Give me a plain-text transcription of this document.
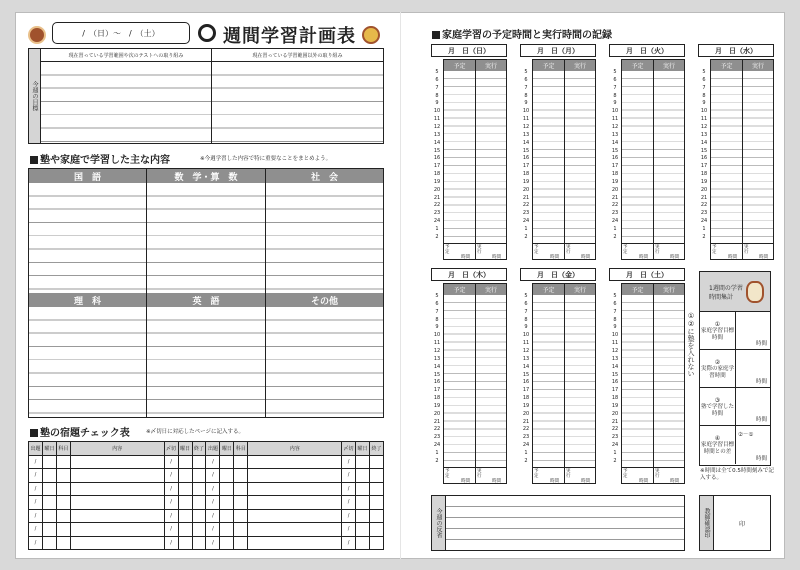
/　（日）～　/　（土）	週間学習計画表
今週の目標
現在習っている学習範囲や次のテストへの取り組み	現在習っている学習範囲以外の取り組み
塾や家庭で学習した主な内容	※今週学習した内容で特に重要なことをまとめよう。
国　語	数　学・算　数	社　会
理　科	英　語	その他
塾の宿題チェック表	※〆切日に対応したページに記入する。
出題	曜日	科目	内容	〆切	曜日	終了	出題	曜日	科目	内容	〆切	曜日	終了
/				/			/				/		
/				/			/				/		
/				/			/				/		
/				/			/				/		
/				/			/				/		
/				/			/				/		
/				/			/				/		
家庭学習の予定時間と実行時間の記録
月　日（日）
5
6
7
8
9
10
11
12
13
14
15
16
17
18
19
20
21
22
23
24
1
2
予定	実行
予定
時間
実行
時間
月　日（月）
5
6
7
8
9
10
11
12
13
14
15
16
17
18
19
20
21
22
23
24
1
2
予定	実行
予定
時間
実行
時間
月　日（火）
5
6
7
8
9
10
11
12
13
14
15
16
17
18
19
20
21
22
23
24
1
2
予定	実行
予定
時間
実行
時間
月　日（水）
5
6
7
8
9
10
11
12
13
14
15
16
17
18
19
20
21
22
23
24
1
2
予定	実行
予定
時間
実行
時間
月　日（木）
5
6
7
8
9
10
11
12
13
14
15
16
17
18
19
20
21
22
23
24
1
2
予定	実行
予定
時間
実行
時間
月　日（金）
5
6
7
8
9
10
11
12
13
14
15
16
17
18
19
20
21
22
23
24
1
2
予定	実行
予定
時間
実行
時間
月　日（土）
5
6
7
8
9
10
11
12
13
14
15
16
17
18
19
20
21
22
23
24
1
2
予定	実行
予定
時間
実行
時間
1週間の学習時間集計
①
家庭学習目標時間
時間
②
実際の家庭学習時間
時間
③
塾で学習した時間
時間
④
家庭学習目標時間との差
②－①
時間
①②に塾を入れない
※時間は全て0.5時間刻みで記入する。
今週の反省	教師確認印	印
